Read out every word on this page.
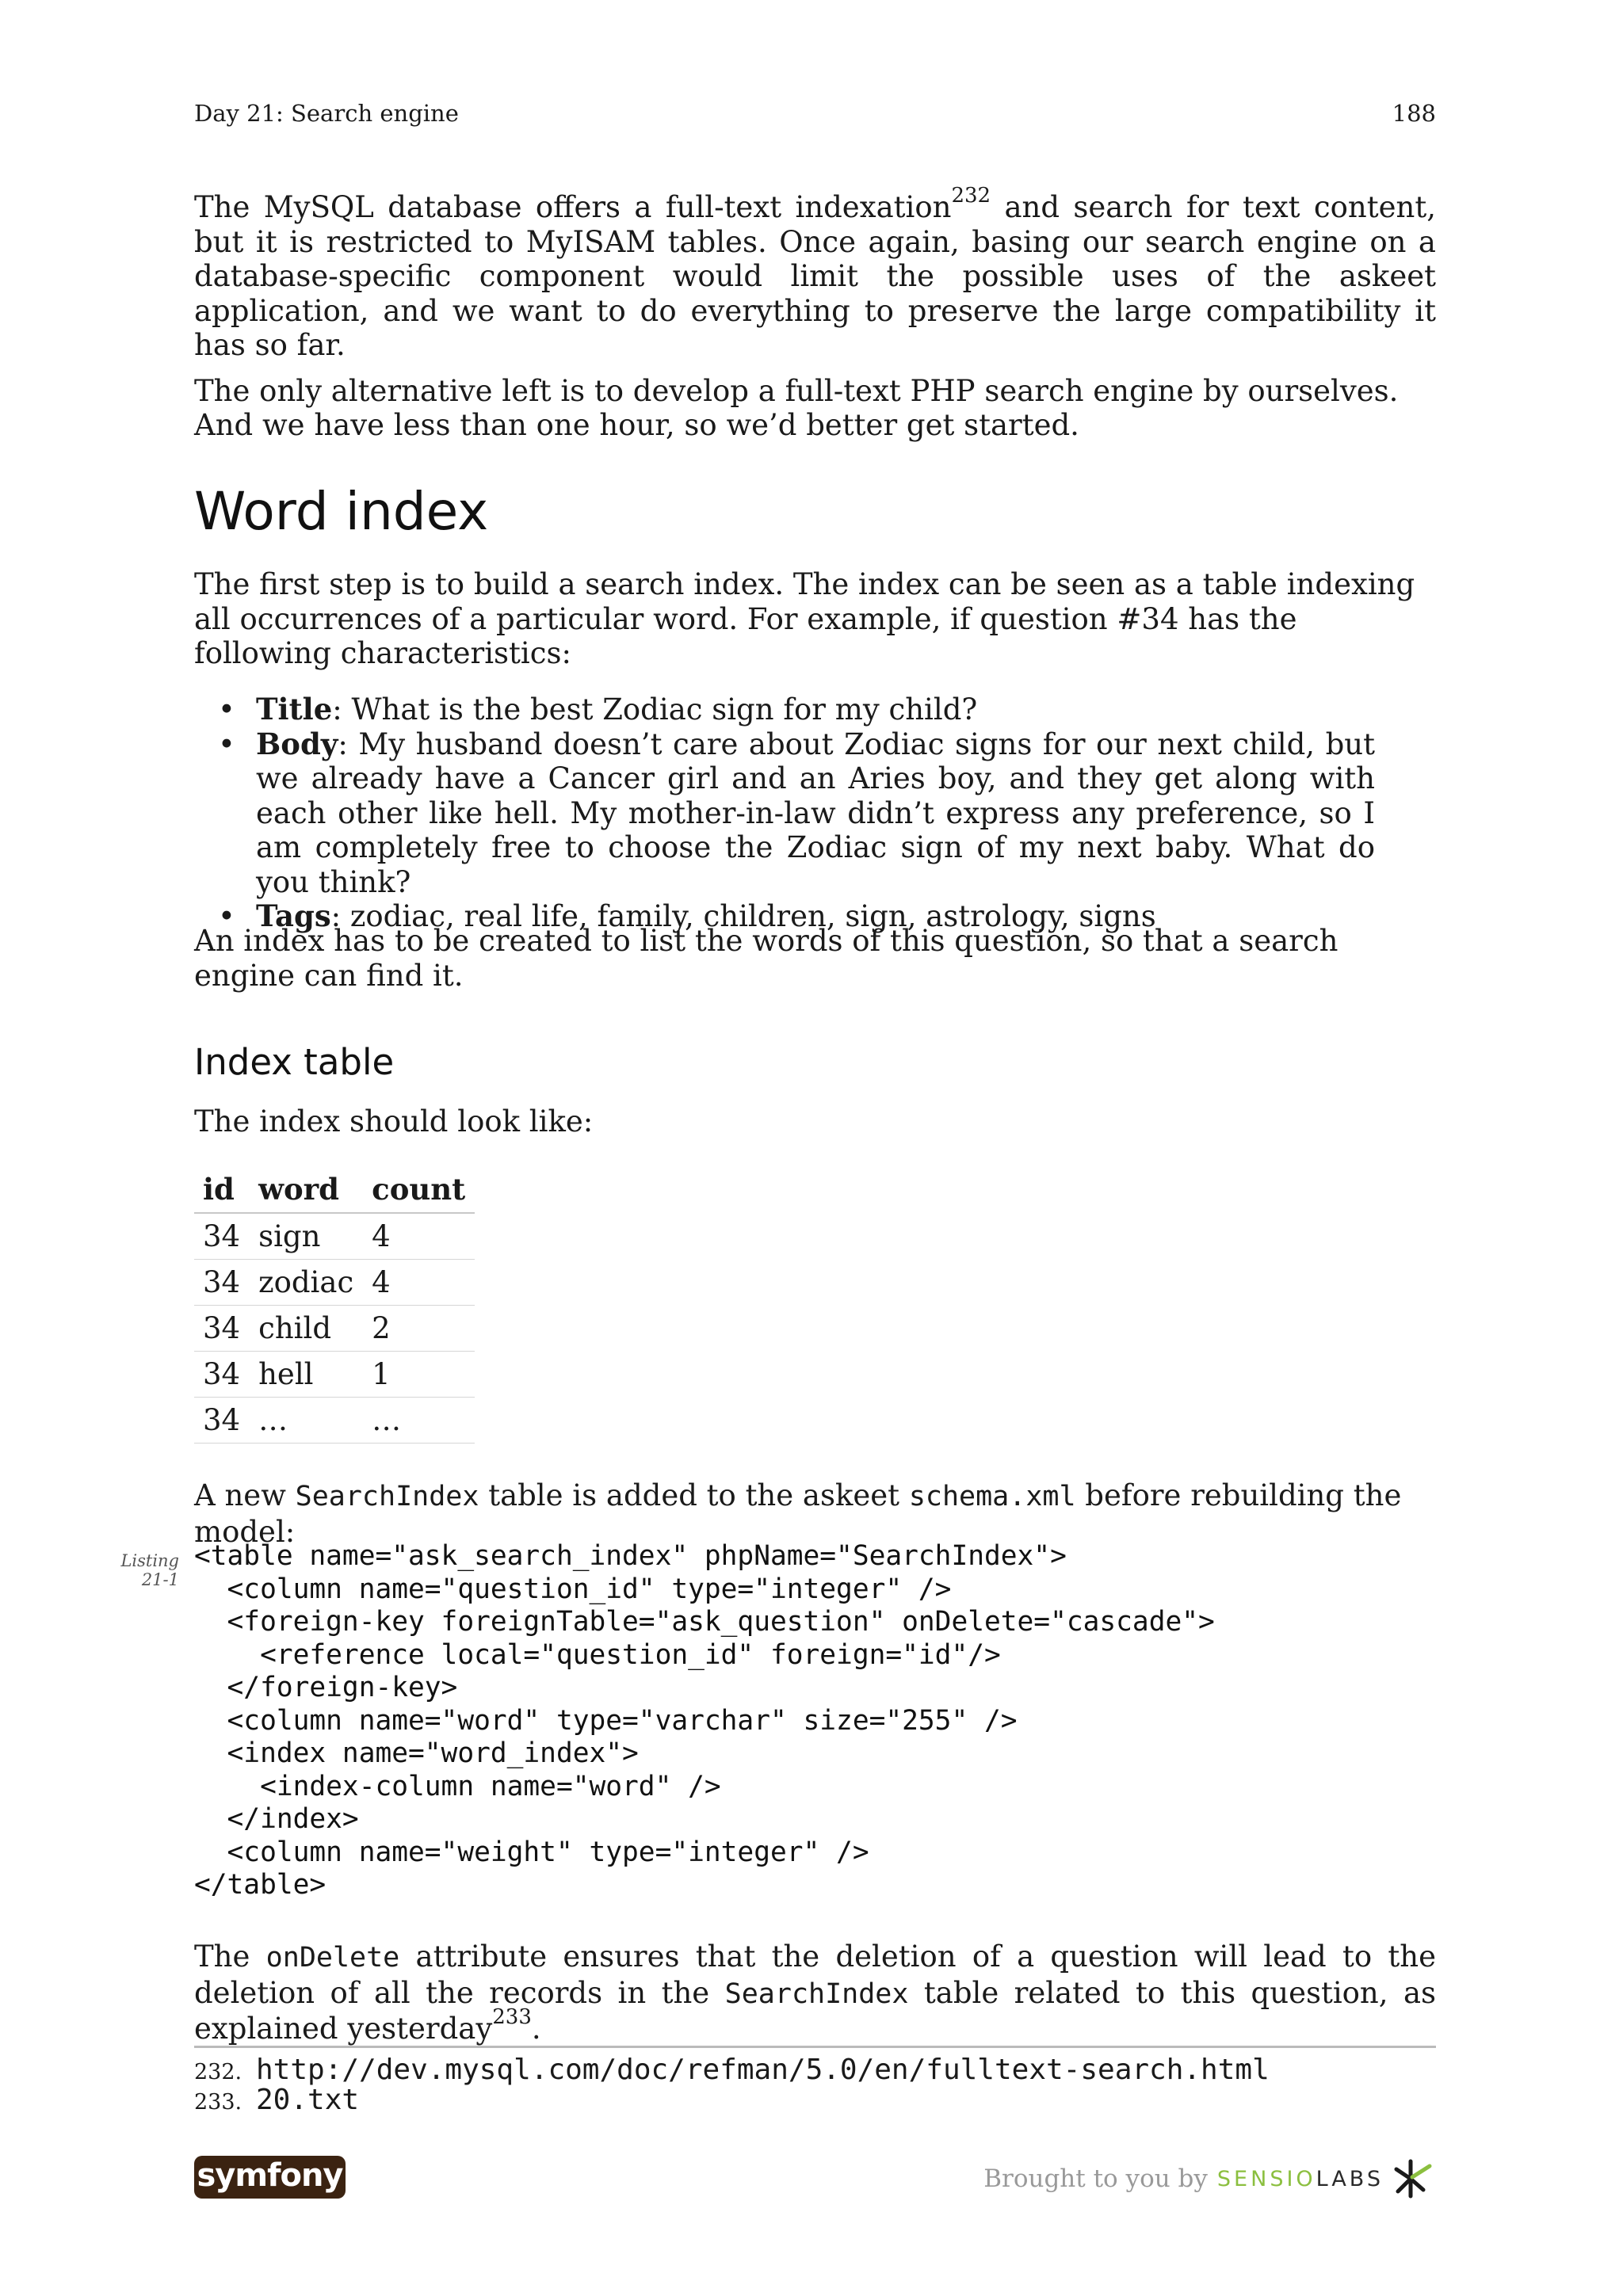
Day 21: Search engine	188

The MySQL database offers a full-text indexation$^{232}$ and search for text content, but it is restricted to MyISAM tables. Once again, basing our search engine on a database-specific component would limit the possible uses of the askeet application, and we want to do everything to preserve the large compatibility it has so far.

The only alternative left is to develop a full-text PHP search engine by ourselves. And we have less than one hour, so we’d better get started.

Word index

The first step is to build a search index. The index can be seen as a table indexing all occurrences of a particular word. For example, if question #34 has the following characteristics:

• Title: What is the best Zodiac sign for my child?
• Body: My husband doesn’t care about Zodiac signs for our next child, but we already have a Cancer girl and an Aries boy, and they get along with each other like hell. My mother-in-law didn’t express any preference, so I am completely free to choose the Zodiac sign of my next baby. What do you think?
• Tags: zodiac, real life, family, children, sign, astrology, signs

An index has to be created to list the words of this question, so that a search engine can find it.

Index table

The index should look like:

id	word	count
34	sign	4
34	zodiac	4
34	child	2
34	hell	1
34	…	…

A new SearchIndex table is added to the askeet schema.xml before rebuilding the model:

Listing
21-1
<table name="ask_search_index" phpName="SearchIndex">
<column name="question_id" type="integer" />
<foreign-key foreignTable="ask_question" onDelete="cascade">
<reference local="question_id" foreign="id"/>
</foreign-key>
<column name="word" type="varchar" size="255" />
<index name="word_index">
<index-column name="word" />
</index>
<column name="weight" type="integer" />
</table>

The onDelete attribute ensures that the deletion of a question will lead to the deletion of all the records in the SearchIndex table related to this question, as explained yesterday$^{233}$.

232. http://dev.mysql.com/doc/refman/5.0/en/fulltext-search.html
233. 20.txt
symfony	Brought to you by SENSIO LABS
